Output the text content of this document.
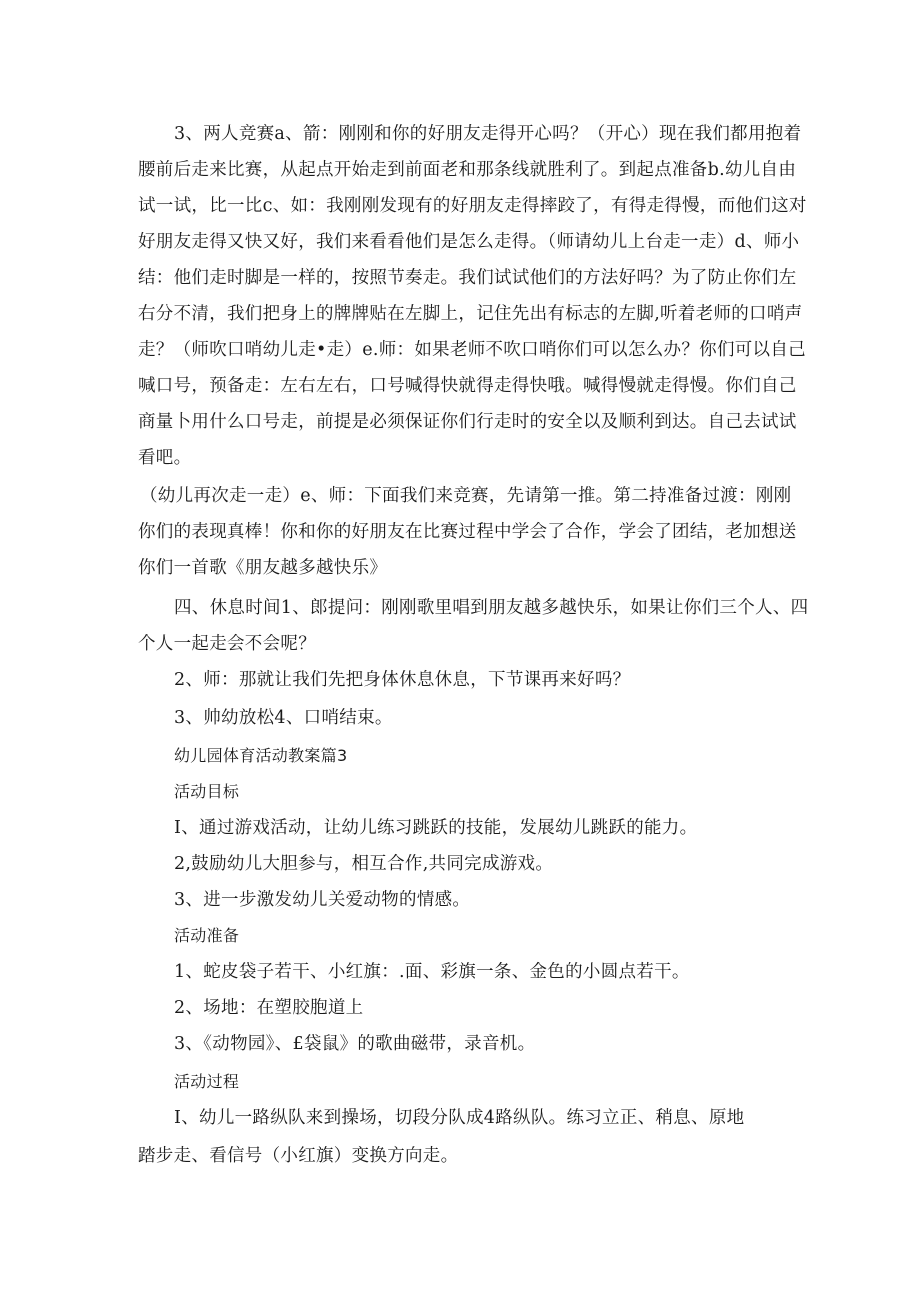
3、两人竞赛a、箭：刚刚和你的好朋友走得开心吗？（开心）现在我们都用抱着
腰前后走来比赛，从起点开始走到前面老和那条线就胜利了。到起点准备b.幼儿自由
试一试，比一比c、如：我刚刚发现有的好朋友走得摔跤了，有得走得慢，而他们这对
好朋友走得又快又好，我们来看看他们是怎么走得。（师请幼儿上台走一走）d、师小
结：他们走时脚是一样的，按照节奏走。我们试试他们的方法好吗？为了防止你们左
右分不清，我们把身上的牌牌贴在左脚上，记住先出有标志的左脚,听着老师的口哨声
走？（师吹口哨幼儿走•走）e.师：如果老师不吹口哨你们可以怎么办？你们可以自己
喊口号，预备走：左右左右，口号喊得快就得走得快哦。喊得慢就走得慢。你们自己
商量卜用什么口号走，前提是必须保证你们行走时的安全以及顺利到达。自己去试试
看吧。
（幼儿再次走一走）e、师：下面我们来竞赛，先请第一推。第二持准备过渡：刚刚
你们的表现真棒！你和你的好朋友在比赛过程中学会了合作，学会了团结，老加想送
你们一首歌《朋友越多越快乐》
四、休息时间1、郎提问：刚刚歌里唱到朋友越多越快乐，如果让你们三个人、四
个人一起走会不会呢？
2、师：那就让我们先把身体休息休息，下节课再来好吗？
3、帅幼放松4、口哨结束。
幼儿园体育活动教案篇3
活动目标
I、通过游戏活动，让幼儿练习跳跃的技能，发展幼儿跳跃的能力。
2,鼓励幼儿大胆参与，相互合作,共同完成游戏。
3、进一步激发幼儿关爱动物的情感。
活动准备
1、蛇皮袋子若干、小红旗：.面、彩旗一条、金色的小圆点若干。
2、场地：在塑胶胞道上
3、《动物园》、£袋鼠》的歌曲磁带，录音机。
活动过程
I、幼儿一路纵队来到操场，切段分队成4路纵队。练习立正、稍息、原地
踏步走、看信号（小红旗）变换方向走。
